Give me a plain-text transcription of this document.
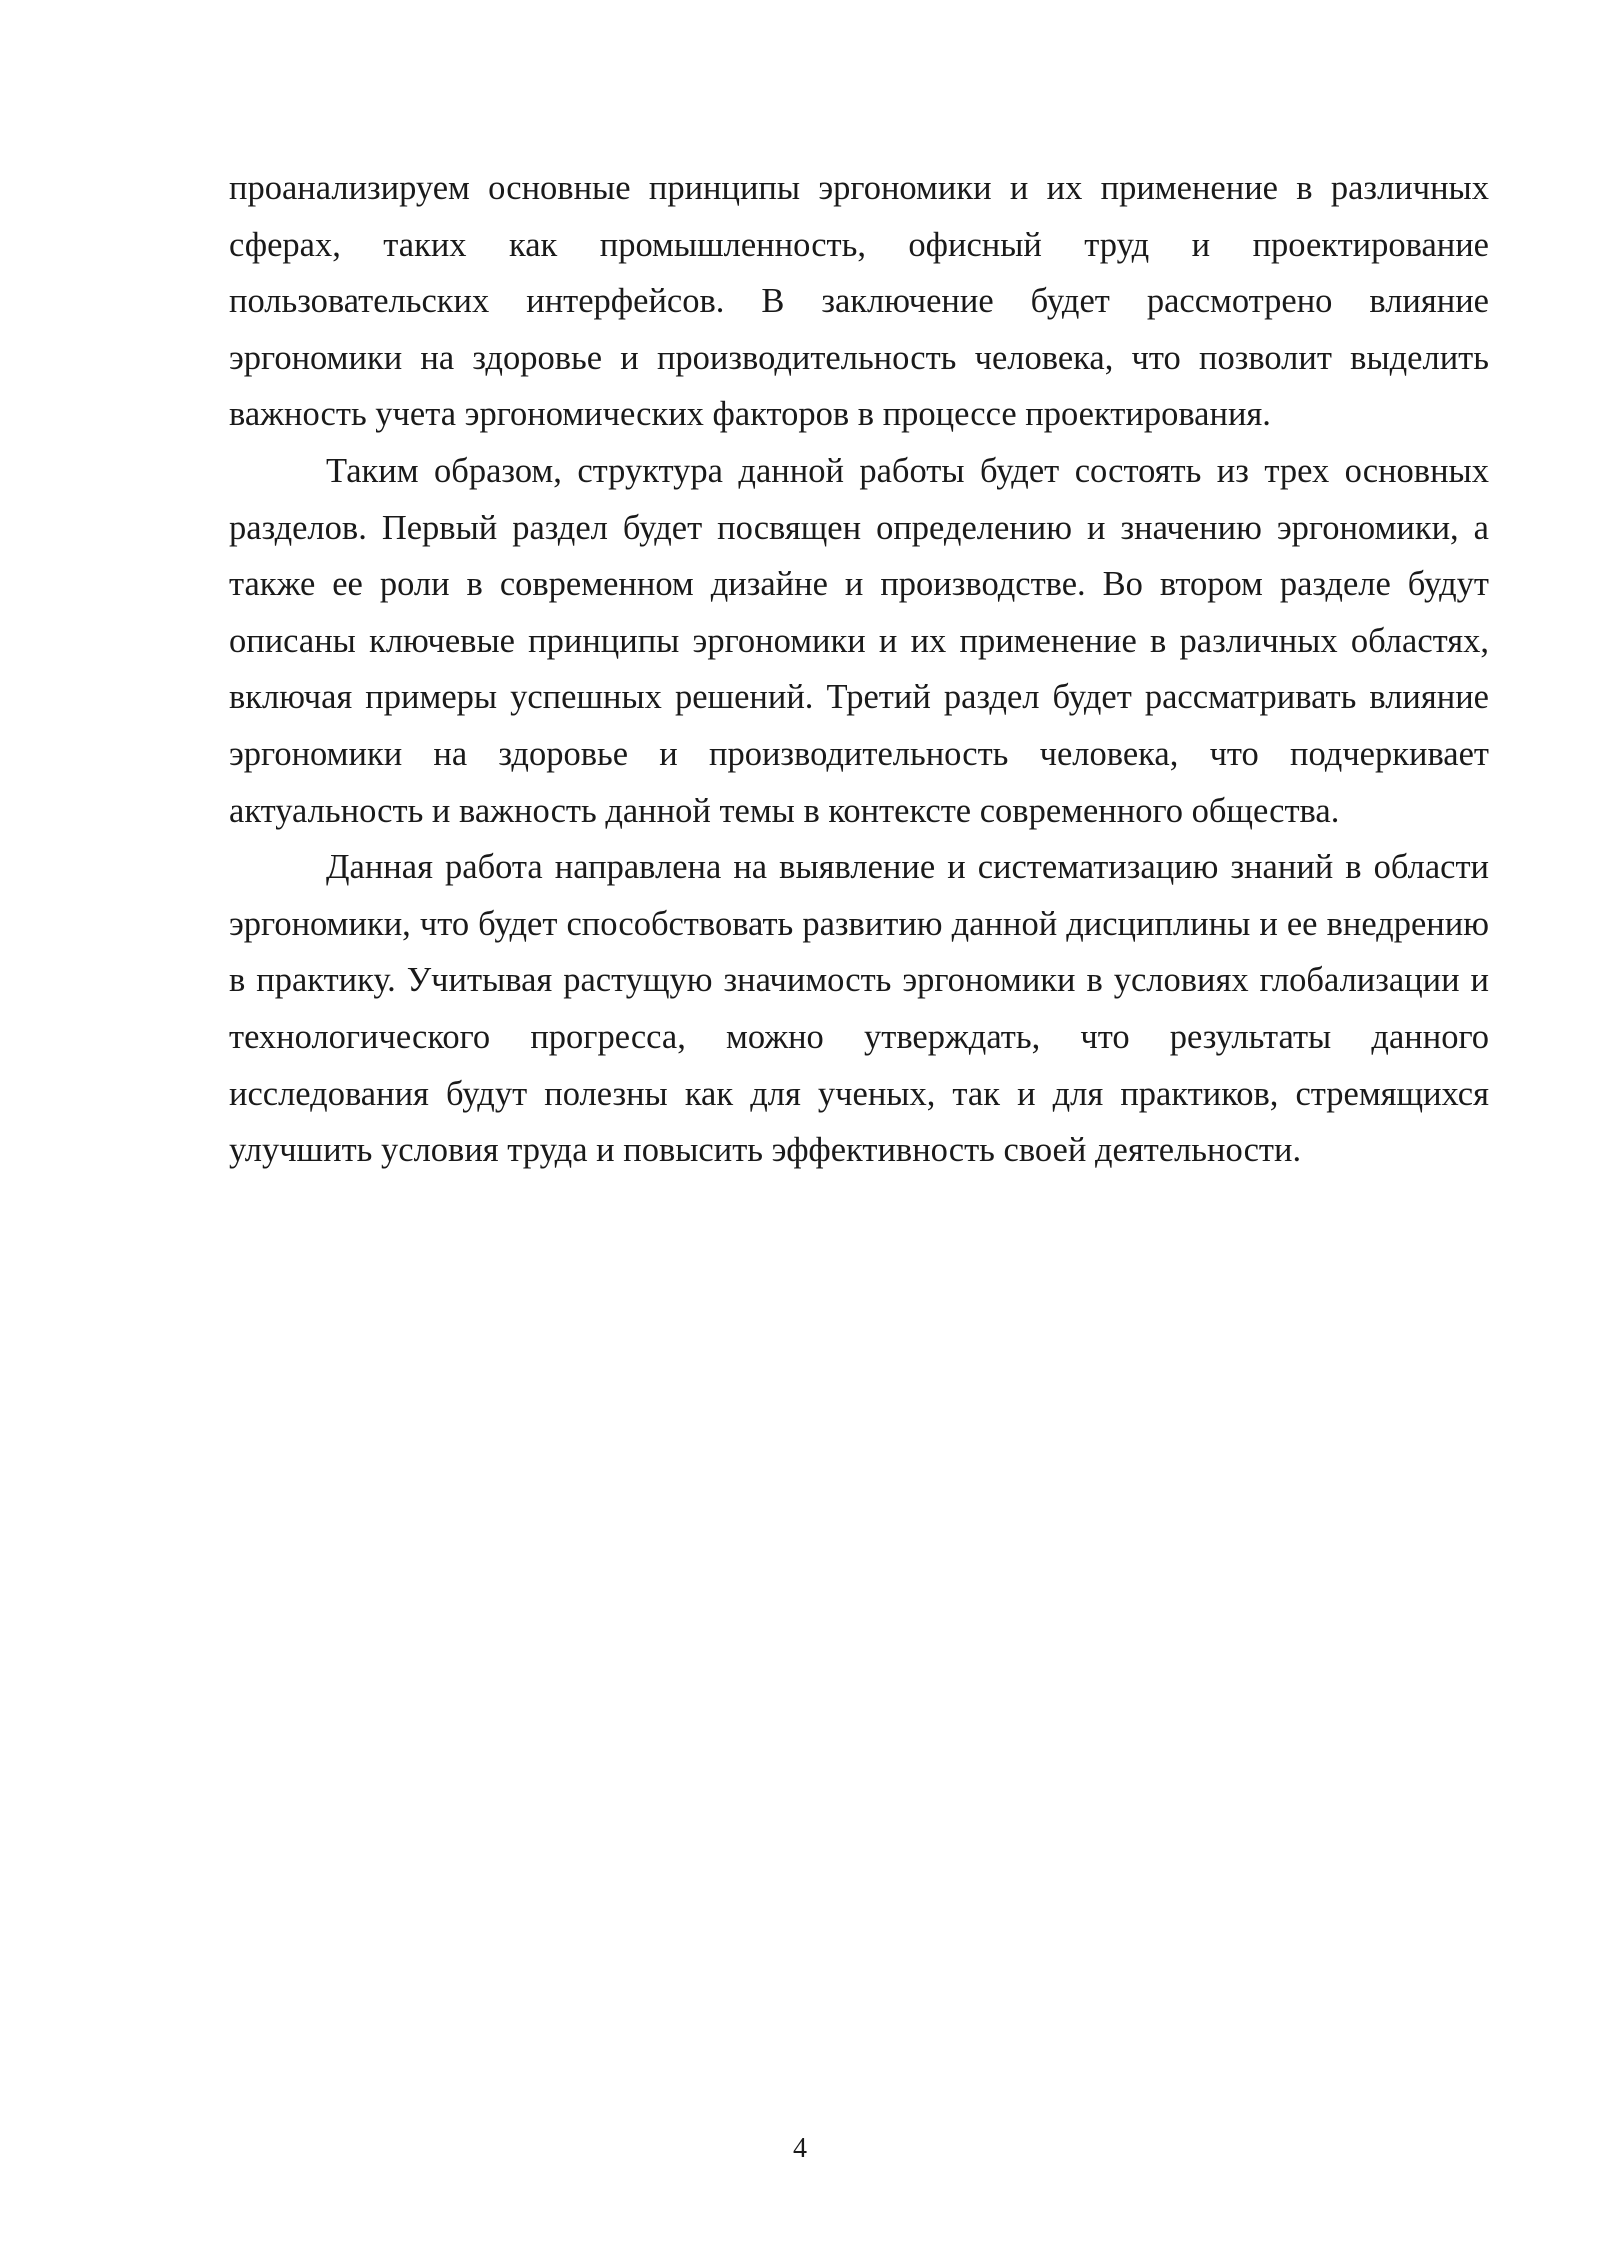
проанализируем основные принципы эргономики и их применение в различных сферах, таких как промышленность, офисный труд и проектирование пользовательских интерфейсов. В заключение будет рассмотрено влияние эргономики на здоровье и производительность человека, что позволит выделить важность учета эргономических факторов в процессе проектирования.

Таким образом, структура данной работы будет состоять из трех основных разделов. Первый раздел будет посвящен определению и значению эргономики, а также ее роли в современном дизайне и производстве. Во втором разделе будут описаны ключевые принципы эргономики и их применение в различных областях, включая примеры успешных решений. Третий раздел будет рассматривать влияние эргономики на здоровье и производительность человека, что подчеркивает актуальность и важность данной темы в контексте современного общества.

Данная работа направлена на выявление и систематизацию знаний в области эргономики, что будет способствовать развитию данной дисциплины и ее внедрению в практику. Учитывая растущую значимость эргономики в условиях глобализации и технологического прогресса, можно утверждать, что результаты данного исследования будут полезны как для ученых, так и для практиков, стремящихся улучшить условия труда и повысить эффективность своей деятельности.

4
